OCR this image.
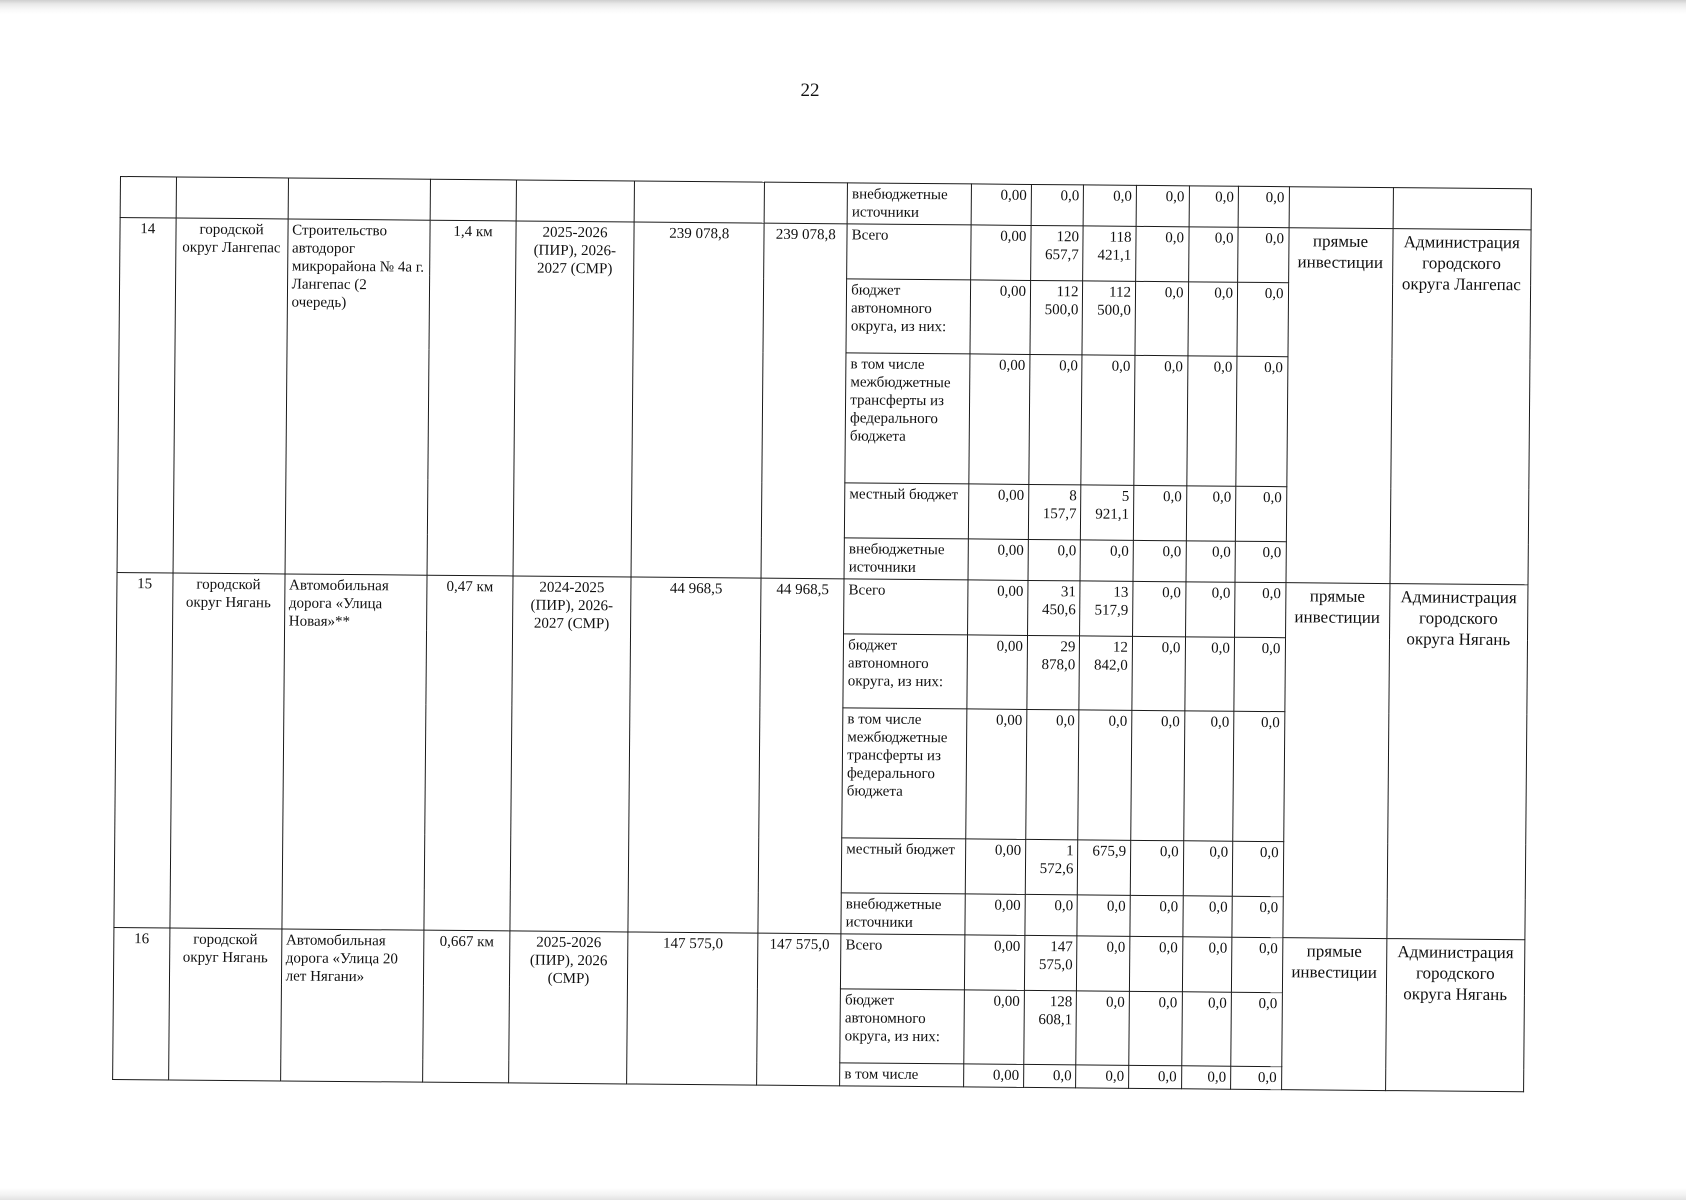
22
							внебюджетные источники	0,00	0,0	0,0	0,0	0,0	0,0		
14	городской округ Лангепас	Строительство автодорог микрорайона № 4а г. Лангепас (2 очередь)	1,4 км	2025-2026 (ПИР), 2026-2027 (СМР)	239 078,8	239 078,8	Всего	0,00	120 657,7	118 421,1	0,0	0,0	0,0	прямые инвестиции	Администрация городского округа Лангепас
							бюджет автономного округа, из них:	0,00	112 500,0	112 500,0	0,0	0,0	0,0		
							в том числе межбюджетные трансферты из федерального бюджета	0,00	0,0	0,0	0,0	0,0	0,0		
							местный бюджет	0,00	8 157,7	5 921,1	0,0	0,0	0,0		
							внебюджетные источники	0,00	0,0	0,0	0,0	0,0	0,0		
15	городской округ Нягань	Автомобильная дорога «Улица Новая»**	0,47 км	2024-2025 (ПИР), 2026-2027 (СМР)	44 968,5	44 968,5	Всего	0,00	31 450,6	13 517,9	0,0	0,0	0,0	прямые инвестиции	Администрация городского округа Нягань
							бюджет автономного округа, из них:	0,00	29 878,0	12 842,0	0,0	0,0	0,0		
							в том числе межбюджетные трансферты из федерального бюджета	0,00	0,0	0,0	0,0	0,0	0,0		
							местный бюджет	0,00	1 572,6	675,9	0,0	0,0	0,0		
							внебюджетные источники	0,00	0,0	0,0	0,0	0,0	0,0		
16	городской округ Нягань	Автомобильная дорога «Улица 20 лет Нягани»	0,667 км	2025-2026 (ПИР), 2026 (СМР)	147 575,0	147 575,0	Всего	0,00	147 575,0	0,0	0,0	0,0	0,0	прямые инвестиции	Администрация городского округа Нягань
							бюджет автономного округа, из них:	0,00	128 608,1	0,0	0,0	0,0	0,0		
							в том числе	0,00	0,0	0,0	0,0	0,0	0,0		
